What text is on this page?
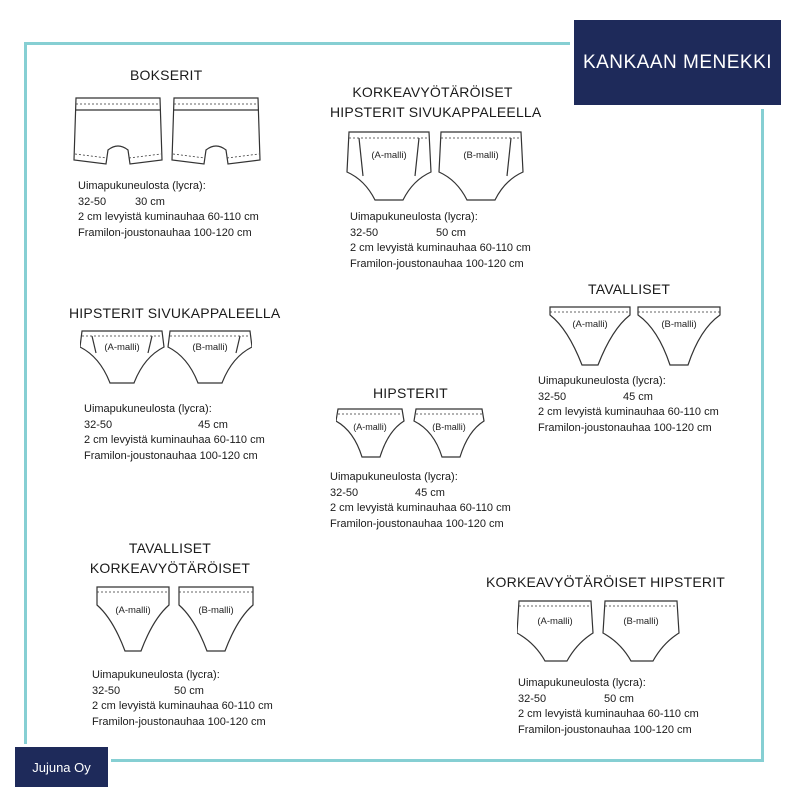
KANKAAN MENEKKI
BOKSERIT
Uimapukuneulosta (lycra):
32-50	30 cm
2 cm levyistä kuminauhaa 60-110 cm
Framilon-joustonauhaa 100-120 cm
KORKEAVYÖTÄRÖISET
HIPSTERIT SIVUKAPPALEELLA
(A-malli)	(B-malli)
Uimapukuneulosta (lycra):
32-50	50 cm
2 cm levyistä kuminauhaa 60-110 cm
Framilon-joustonauhaa 100-120 cm
HIPSTERIT SIVUKAPPALEELLA
(A-malli)	(B-malli)
Uimapukuneulosta (lycra):
32-50	45 cm
2 cm levyistä kuminauhaa 60-110 cm
Framilon-joustonauhaa 100-120 cm
TAVALLISET
(A-malli)	(B-malli)
Uimapukuneulosta (lycra):
32-50	45 cm
2 cm levyistä kuminauhaa 60-110 cm
Framilon-joustonauhaa 100-120 cm
HIPSTERIT
(A-malli)	(B-malli)
Uimapukuneulosta (lycra):
32-50	45 cm
2 cm levyistä kuminauhaa 60-110 cm
Framilon-joustonauhaa 100-120 cm
TAVALLISET
KORKEAVYÖTÄRÖISET
(A-malli)	(B-malli)
Uimapukuneulosta (lycra):
32-50	50 cm
2 cm levyistä kuminauhaa 60-110 cm
Framilon-joustonauhaa 100-120 cm
KORKEAVYÖTÄRÖISET HIPSTERIT
(A-malli)	(B-malli)
Uimapukuneulosta (lycra):
32-50	50 cm
2 cm levyistä kuminauhaa 60-110 cm
Framilon-joustonauhaa 100-120 cm
Jujuna Oy
